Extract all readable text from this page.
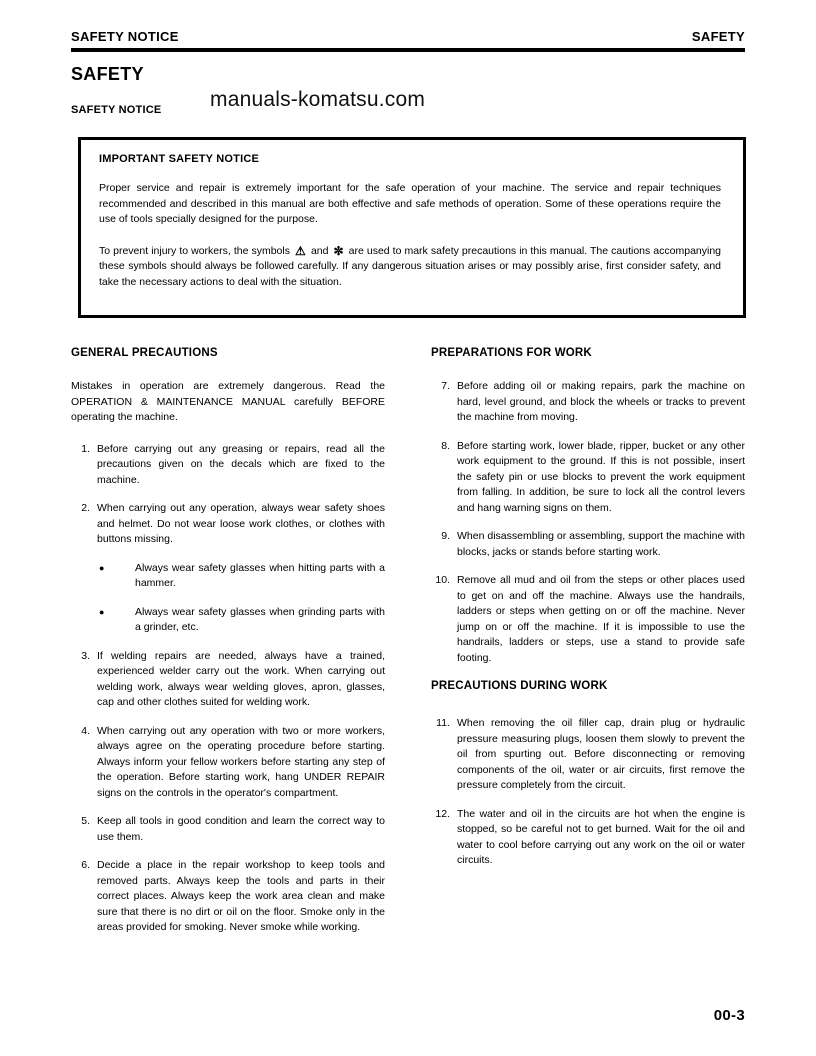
SAFETY NOTICE	SAFETY
SAFETY
SAFETY NOTICE manuals-komatsu.com
IMPORTANT SAFETY NOTICE

Proper service and repair is extremely important for the safe operation of your machine. The service and repair techniques recommended and described in this manual are both effective and safe methods of operation. Some of these operations require the use of tools specially designed for the purpose.

To prevent injury to workers, the symbols ⚠ and ✼ are used to mark safety precautions in this manual. The cautions accompanying these symbols should always be followed carefully. If any dangerous situation arises or may possibly arise, first consider safety, and take the necessary actions to deal with the situation.

GENERAL PRECAUTIONS

Mistakes in operation are extremely dangerous. Read the OPERATION & MAINTENANCE MANUAL carefully BEFORE operating the machine.

1. Before carrying out any greasing or repairs, read all the precautions given on the decals which are fixed to the machine.
2. When carrying out any operation, always wear safety shoes and helmet. Do not wear loose work clothes, or clothes with buttons missing.
●	Always wear safety glasses when hitting parts with a hammer.
●	Always wear safety glasses when grinding parts with a grinder, etc.
3. If welding repairs are needed, always have a trained, experienced welder carry out the work. When carrying out welding work, always wear welding gloves, apron, glasses, cap and other clothes suited for welding work.
4. When carrying out any operation with two or more workers, always agree on the operating procedure before starting. Always inform your fellow workers before starting any step of the operation. Before starting work, hang UNDER REPAIR signs on the controls in the operator's compartment.
5. Keep all tools in good condition and learn the correct way to use them.
6. Decide a place in the repair workshop to keep tools and removed parts. Always keep the tools and parts in their correct places. Always keep the work area clean and make sure that there is no dirt or oil on the floor. Smoke only in the areas provided for smoking. Never smoke while working.
PREPARATIONS FOR WORK
7. Before adding oil or making repairs, park the machine on hard, level ground, and block the wheels or tracks to prevent the machine from moving.
8. Before starting work, lower blade, ripper, bucket or any other work equipment to the ground. If this is not possible, insert the safety pin or use blocks to prevent the work equipment from falling. In addition, be sure to lock all the control levers and hang warning signs on them.
9. When disassembling or assembling, support the machine with blocks, jacks or stands before starting work.
10. Remove all mud and oil from the steps or other places used to get on and off the machine. Always use the handrails, ladders or steps when getting on or off the machine. Never jump on or off the machine. If it is impossible to use the handrails, ladders or steps, use a stand to provide safe footing.
PRECAUTIONS DURING WORK
11. When removing the oil filler cap, drain plug or hydraulic pressure measuring plugs, loosen them slowly to prevent the oil from spurting out. Before disconnecting or removing components of the oil, water or air circuits, first remove the pressure completely from the circuit.
12. The water and oil in the circuits are hot when the engine is stopped, so be careful not to get burned. Wait for the oil and water to cool before carrying out any work on the oil or water circuits.
00-3
